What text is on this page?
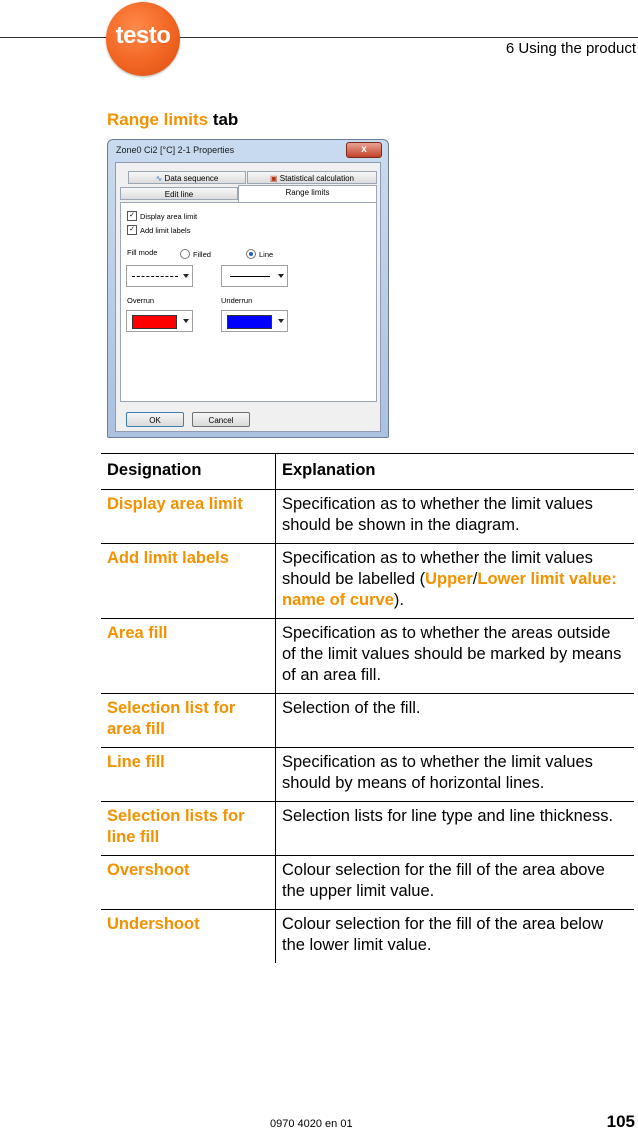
testo	6 Using the product
Range limits tab
Zone0 Ci2 [°C] 2-1 Properties	x
∿ Data sequence	▣ Statistical calculation
Edit line	Range limits
✓ Display area limit
✓ Add limit labels
Fill mode	Filled	Line
Overrun	Underrun
OK	Cancel
Designation	Explanation
Display area limit	Specification as to whether the limit values should be shown in the diagram.
Add limit labels	Specification as to whether the limit values should be labelled (Upper/Lower limit value: name of curve).
Area fill	Specification as to whether the areas outside of the limit values should be marked by means of an area fill.
Selection list for area fill	Selection of the fill.
Line fill	Specification as to whether the limit values should by means of horizontal lines.
Selection lists for line fill	Selection lists for line type and line thickness.
Overshoot	Colour selection for the fill of the area above the upper limit value.
Undershoot	Colour selection for the fill of the area below the lower limit value.
0970 4020 en 01	105
